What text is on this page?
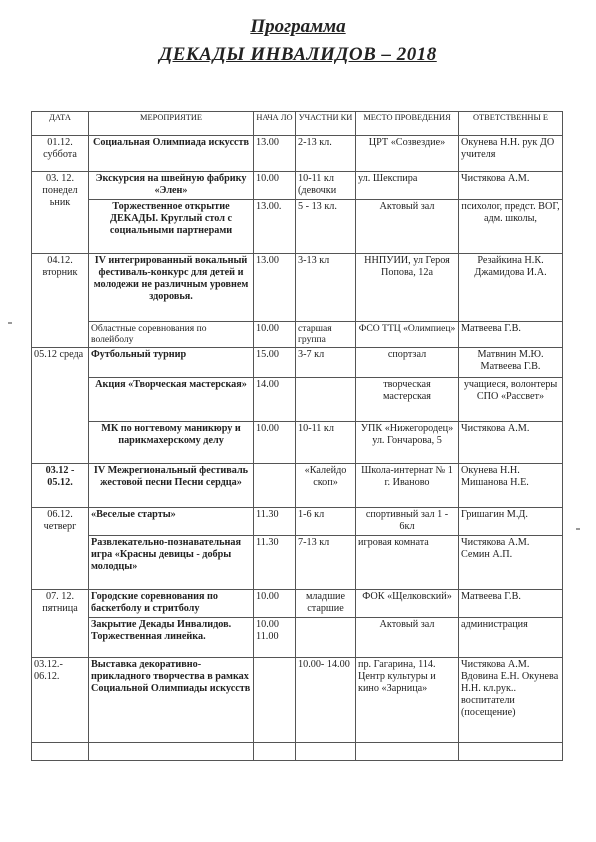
Программа
ДЕКАДЫ ИНВАЛИДОВ – 2018
ДАТА	МЕРОПРИЯТИЕ	НАЧА ЛО	УЧАСТНИ КИ	МЕСТО ПРОВЕДЕНИЯ	ОТВЕТСТВЕННЫ Е
01.12. суббота	Социальная Олимпиада искусств	13.00	2-13 кл.	ЦРТ «Созвездие»	Окунева Н.Н. рук ДО учителя
03. 12. понедел ьник	Экскурсия на швейную фабрику «Элен»	10.00	10-11 кл (девочки	ул. Шекспира	Чистякова А.М.
	Торжественное открытие ДЕКАДЫ. Круглый стол с социальными партнерами	13.00.	5 - 13 кл.	Актовый зал	психолог, предст. ВОГ, адм. школы,
04.12. вторник	IV интегрированный вокальный фестиваль-конкурс для детей и молодежи не различным уровнем здоровья.	13.00	3-13 кл	ННПУИИ, ул Героя Попова, 12а	Резайкина Н.К. Джамидова И.А.
	Областные соревнования по волейболу	10.00	старшая группа	ФСО ТТЦ «Олимпиец»	Матвеева Г.В.
05.12 среда	Футбольный турнир	15.00	3-7 кл	спортзал	Матвнин М.Ю. Матвеева Г.В.
	Акция «Творческая мастерская»	14.00		творческая мастерская	учащиеся, волонтеры СПО «Рассвет»
	МК по ногтевому маникюру и парикмахерскому делу	10.00	10-11 кл	УПК «Нижегородец» ул. Гончарова, 5	Чистякова А.М.
03.12 - 05.12.	IV Межрегиональный фестиваль жестовой песни Песни сердца»		«Калейдо скоп»	Школа-интернат № 1 г. Иваново	Окунева Н.Н. Мишанова Н.Е.
06.12. четверг	«Веселые старты»	11.30	1-6 кл	спортивный зал 1 - 6кл	Гришагин М.Д.
	Развлекательно-познавательная игра «Красны девицы - добры молодцы»	11.30	7-13 кл	игровая комната	Чистякова А.М. Семин А.П.
07. 12. пятница	Городские соревнования по баскетболу и стритболу	10.00	младшие старшие	ФОК «Щелковский»	Матвеева Г.В.
	Закрытие Декады Инвалидов. Торжественная линейка.	10.00 11.00		Актовый зал	администрация
03.12.- 06.12.	Выставка декоративно-прикладного творчества в рамках Социальной Олимпиады искусств		10.00- 14.00	пр. Гагарина, 114. Центр культуры и кино «Зарница»	Чистякова А.М. Вдовина Е.Н. Окунева Н.Н. кл.рук.. воспитатели (посещение)
